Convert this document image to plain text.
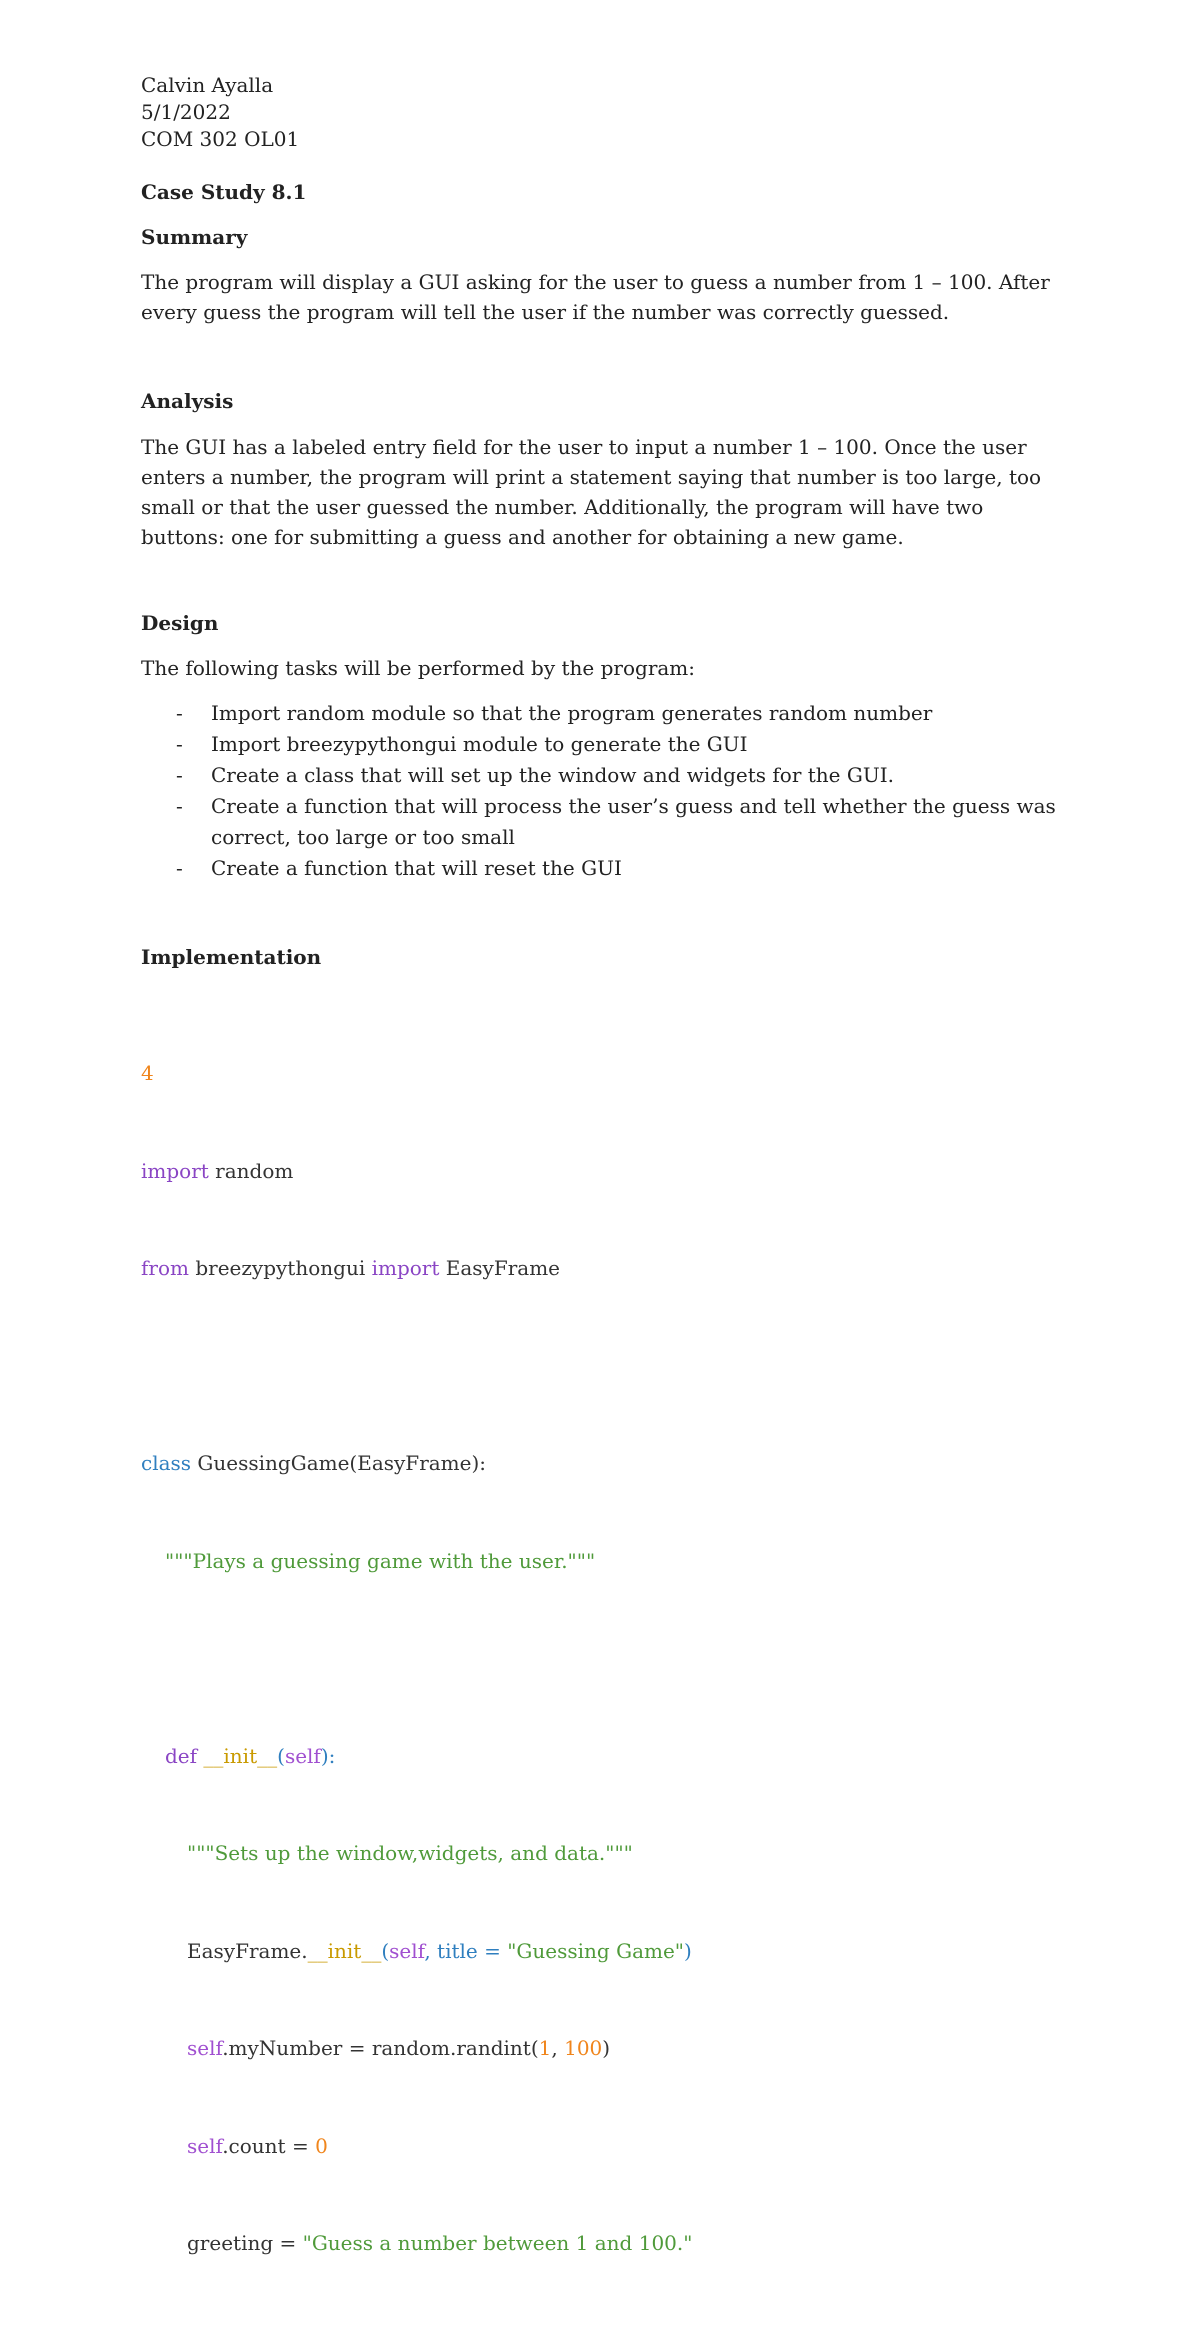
Calvin Ayalla
5/1/2022
COM 302 OL01
Case Study 8.1
Summary

The program will display a GUI asking for the user to guess a number from 1 – 100. After every guess the program will tell the user if the number was correctly guessed.

Analysis

The GUI has a labeled entry field for the user to input a number 1 – 100. Once the user enters a number, the program will print a statement saying that number is too large, too small or that the user guessed the number. Additionally, the program will have two buttons: one for submitting a guess and another for obtaining a new game.

Design
The following tasks will be performed by the program:
- Import random module so that the program generates random number
- Import breezypythongui module to generate the GUI
- Create a class that will set up the window and widgets for the GUI.
- Create a function that will process the user’s guess and tell whether the guess was correct, too large or too small
- Create a function that will reset the GUI
Implementation

4

import random

from breezypythongui import EasyFrame

class GuessingGame(EasyFrame):

"""Plays a guessing game with the user."""

def __init__(self):

"""Sets up the window,widgets, and data."""

EasyFrame.__init__(self, title = "Guessing Game")

self.myNumber = random.randint(1, 100)

self.count = 0

greeting = "Guess a number between 1 and 100."
